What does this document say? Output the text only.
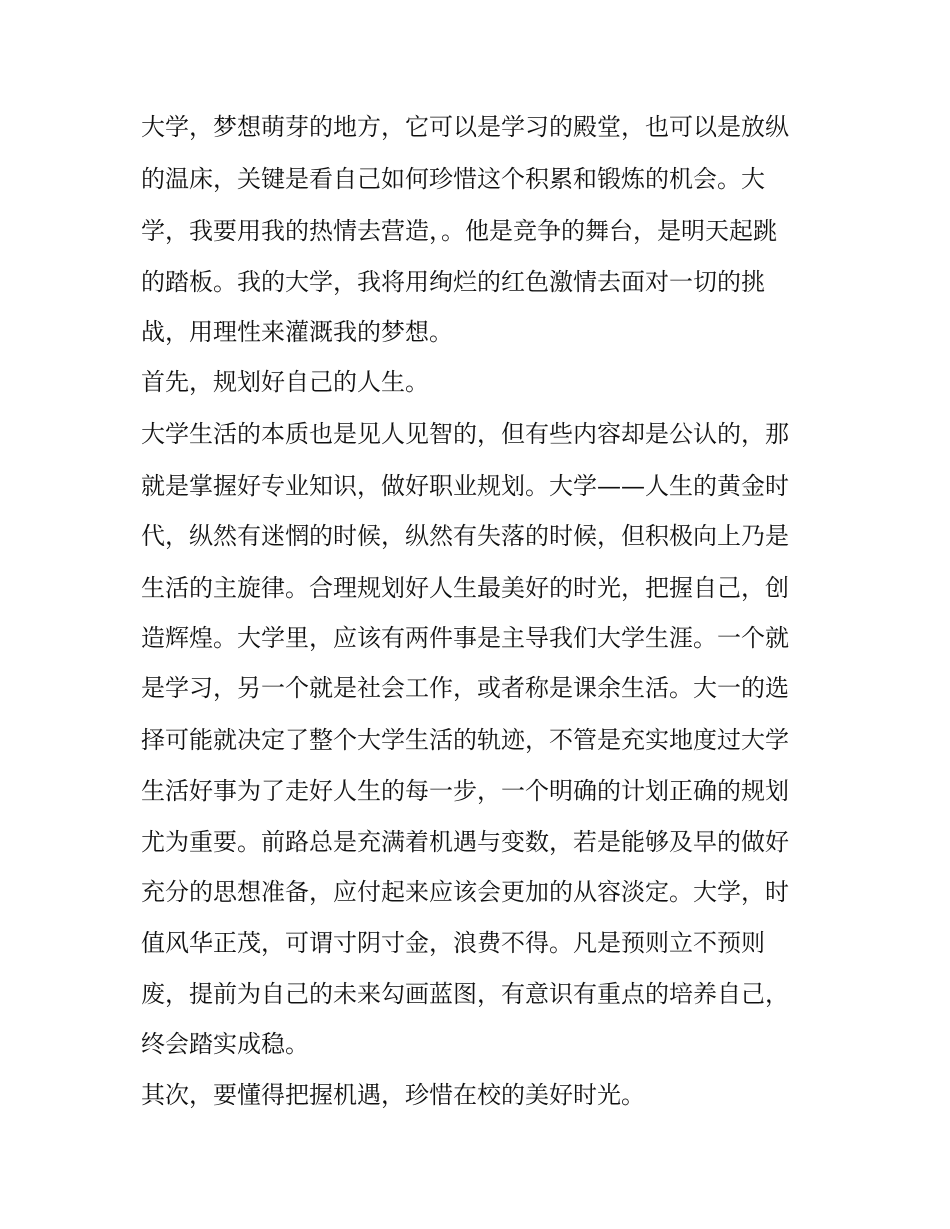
大学，梦想萌芽的地方，它可以是学习的殿堂，也可以是放纵
的温床，关键是看自己如何珍惜这个积累和锻炼的机会。大
学，我要用我的热情去营造，。他是竞争的舞台，是明天起跳
的踏板。我的大学，我将用绚烂的红色激情去面对一切的挑
战，用理性来灌溉我的梦想。
首先，规划好自己的人生。
大学生活的本质也是见人见智的，但有些内容却是公认的，那
就是掌握好专业知识，做好职业规划。大学——人生的黄金时
代，纵然有迷惘的时候，纵然有失落的时候，但积极向上乃是
生活的主旋律。合理规划好人生最美好的时光，把握自己，创
造辉煌。大学里，应该有两件事是主导我们大学生涯。一个就
是学习，另一个就是社会工作，或者称是课余生活。大一的选
择可能就决定了整个大学生活的轨迹，不管是充实地度过大学
生活好事为了走好人生的每一步，一个明确的计划正确的规划
尤为重要。前路总是充满着机遇与变数，若是能够及早的做好
充分的思想准备，应付起来应该会更加的从容淡定。大学，时
值风华正茂，可谓寸阴寸金，浪费不得。凡是预则立不预则
废，提前为自己的未来勾画蓝图，有意识有重点的培养自己，
终会踏实成稳。
其次，要懂得把握机遇，珍惜在校的美好时光。
